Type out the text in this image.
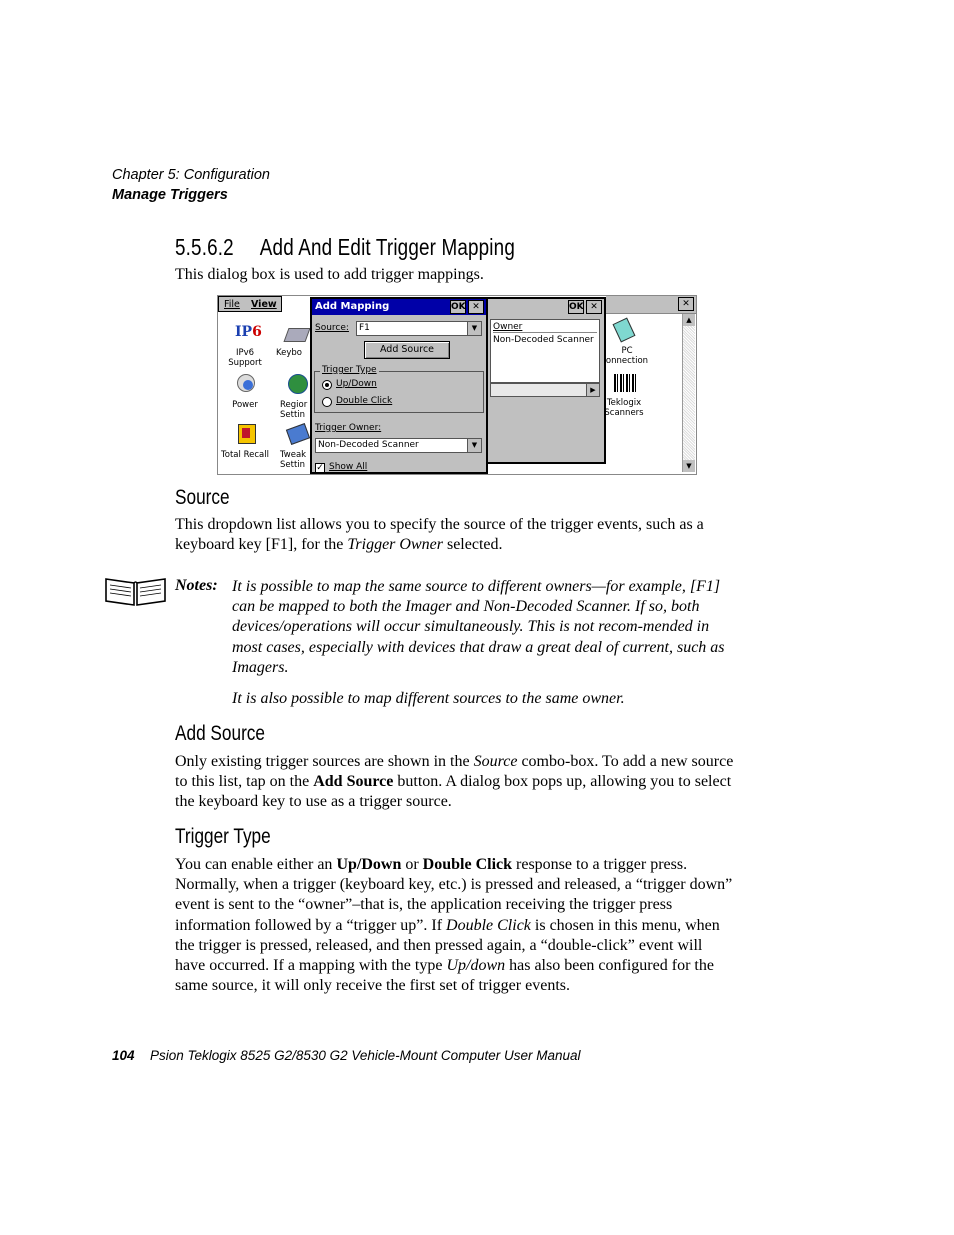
Chapter 5: Configuration
Manage Triggers
5.5.6.2     Add And Edit Trigger Mapping
This dialog box is used to add trigger mappings.
File View
IP6
IPv6
Support
Keybo
Power	Regior
Settin
Total Recall	Tweak
Settin
Add Mapping	OK ✕
Source:	F1	▼
Add Source
Trigger Type
Up/Down
Double Click
Trigger Owner:
Non-Decoded Scanner	▼
✓ Show All
OK ✕
Owner
Non-Decoded Scanner
▶
✕
PC
onnection
Teklogix
Scanners
▲
▼
Source
This dropdown list allows you to specify the source of the trigger events, such as a keyboard key [F1], for the Trigger Owner selected.
Notes: It is possible to map the same source to different owners—for example, [F1] can be mapped to both the Imager and Non-Decoded Scanner. If so, both devices/operations will occur simultaneously. This is not recom-mended in most cases, especially with devices that draw a great deal of current, such as Imagers.
It is also possible to map different sources to the same owner.
Add Source
Only existing trigger sources are shown in the Source combo-box. To add a new source to this list, tap on the Add Source button. A dialog box pops up, allowing you to select the keyboard key to use as a trigger source.
Trigger Type
You can enable either an Up/Down or Double Click response to a trigger press. Normally, when a trigger (keyboard key, etc.) is pressed and released, a “trigger down” event is sent to the “owner”–that is, the application receiving the trigger press information followed by a “trigger up”. If Double Click is chosen in this menu, when the trigger is pressed, released, and then pressed again, a “double-click” event will have occurred. If a mapping with the type Up/down has also been configured for the same source, it will only receive the first set of trigger events.
104 Psion Teklogix 8525 G2/8530 G2 Vehicle-Mount Computer User Manual
